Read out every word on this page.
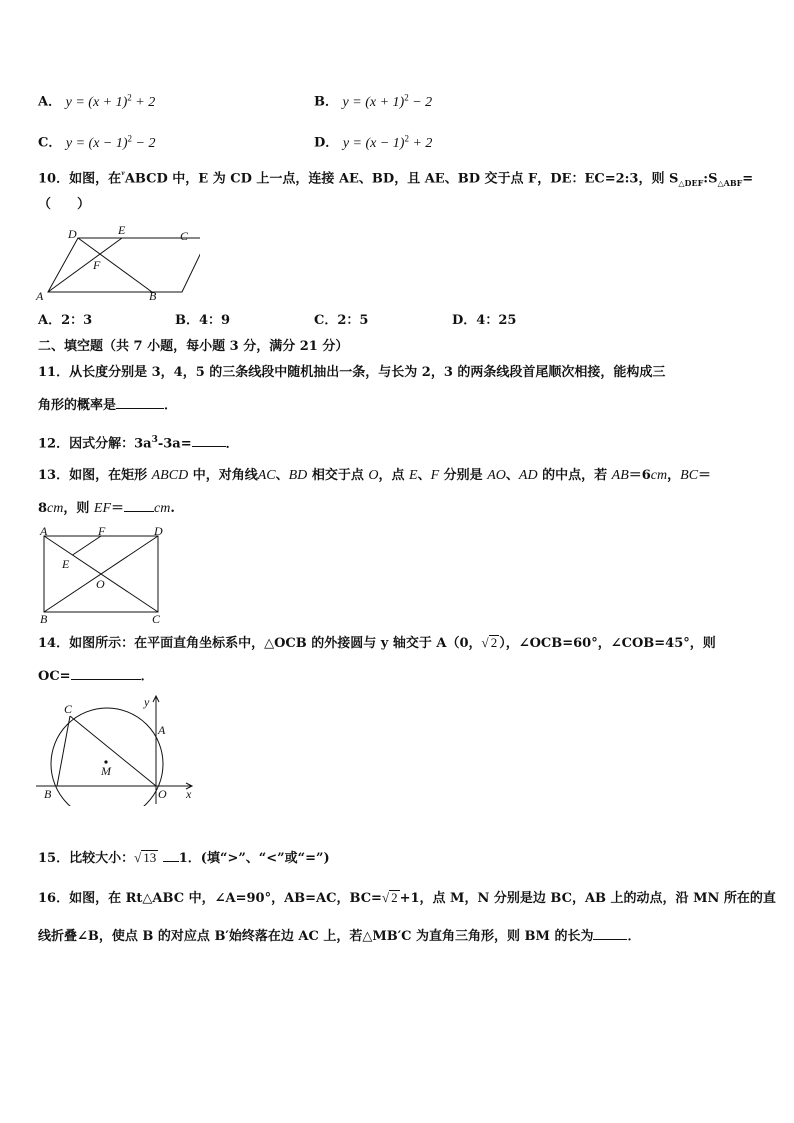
A． $y = (x + 1)^2 + 2$	B． $y = (x + 1)^2 - 2$
C． $y = (x - 1)^2 - 2$	D． $y = (x - 1)^2 + 2$
10．如图，在$^ᵞ$ABCD 中，E 为 CD 上一点，连接 AE、BD，且 AE、BD 交于点 F，DE：EC=2:3，则 $S_{\triangle DEF}:S_{\triangle ABF}=$
（　　）
D	E	C
F
A	B
A．2：3	B．4：9	C．2：5	D．4：25
二、填空题（共 7 小题，每小题 3 分，满分 21 分）
11．从长度分别是 3，4，5 的三条线段中随机抽出一条，与长为 2，3 的两条线段首尾顺次相接，能构成三
角形的概率是	．
12．因式分解：$3a^3-3a=$	．
13．如图，在矩形 ABCD 中，对角线AC、BD 相交于点 O，点 E、F 分别是 AO、AD 的中点，若 AB＝6cm，BC＝
8cm，则 EF＝ cm.
A	F	D
E
O
B	C
14．如图所示：在平面直角坐标系中，△OCB 的外接圆与 y 轴交于 A（0，√ 2 ），∠OCB=60°，∠COB=45°，则
OC=	．
y
C
A
M
B	O x
15．比较大小：√ 13 1．(填“>”、“<”或“=”)
16．如图，在 Rt△ABC 中，∠A=90°，AB=AC，BC=√ 2 +1，点 M，N 分别是边 BC，AB 上的动点，沿 MN 所在的直
线折叠∠B，使点 B 的对应点 B′始终落在边 AC 上，若△MB′C 为直角三角形，则 BM 的长为	．
